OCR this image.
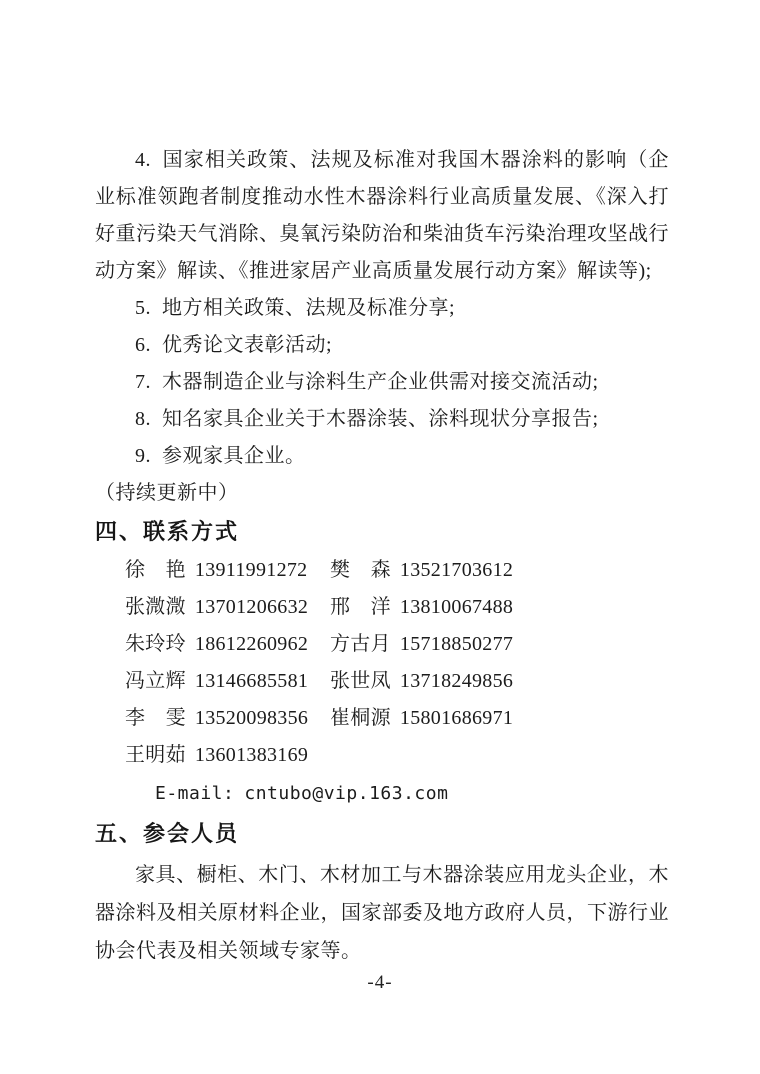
4. 国家相关政策、法规及标准对我国木器涂料的影响（企业标准领跑者制度推动水性木器涂料行业高质量发展、《深入打好重污染天气消除、臭氧污染防治和柴油货车污染治理攻坚战行动方案》解读、《推进家居产业高质量发展行动方案》解读等);

5. 地方相关政策、法规及标准分享;

6. 优秀论文表彰活动;

7. 木器制造企业与涂料生产企业供需对接交流活动;

8. 知名家具企业关于木器涂装、涂料现状分享报告;

9. 参观家具企业。

（持续更新中）

四、联系方式
徐　艳 13911991272 樊　森 13521703612
张溦溦 13701206632 邢　洋 13810067488
朱玲玲 18612260962 方古月 15718850277
冯立辉 13146685581 张世凤 13718249856
李　雯 13520098356 崔桐源 15801686971
王明茹 13601383169
E-mail: cntubo@vip.163.com
五、参会人员

家具、橱柜、木门、木材加工与木器涂装应用龙头企业，木器涂料及相关原材料企业，国家部委及地方政府人员，下游行业协会代表及相关领域专家等。

-4-
